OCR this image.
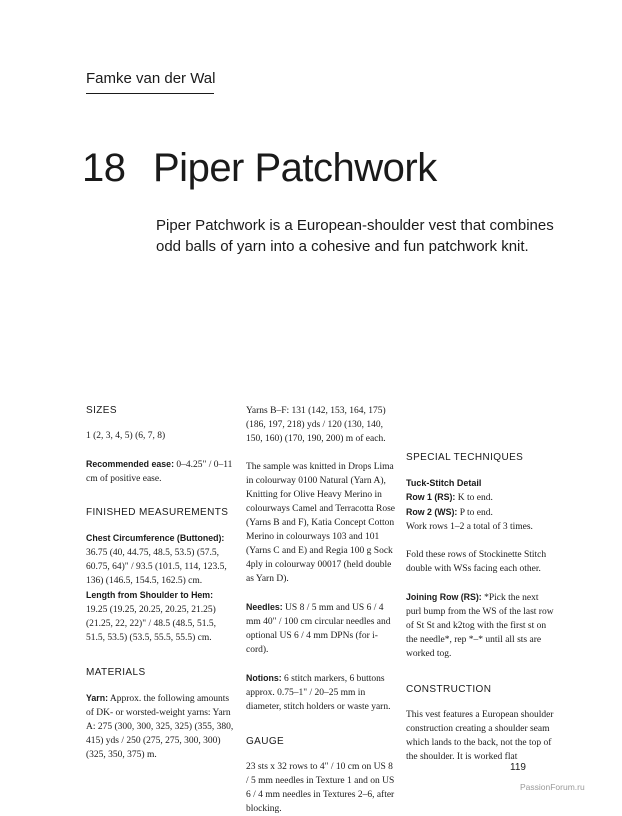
Famke van der Wal
18 Piper Patchwork
Piper Patchwork is a European-shoulder vest that combines odd balls of yarn into a cohesive and fun patchwork knit.
SIZES

1 (2, 3, 4, 5) (6, 7, 8)

Recommended ease: 0–4.25" / 0–11 cm of positive ease.

FINISHED MEASUREMENTS

Chest Circumference (Buttoned): 36.75 (40, 44.75, 48.5, 53.5) (57.5, 60.75, 64)" / 93.5 (101.5, 114, 123.5, 136) (146.5, 154.5, 162.5) cm.

Length from Shoulder to Hem: 19.25 (19.25, 20.25, 20.25, 21.25) (21.25, 22, 22)" / 48.5 (48.5, 51.5, 51.5, 53.5) (53.5, 55.5, 55.5) cm.

MATERIALS

Yarn: Approx. the following amounts of DK- or worsted-weight yarns: Yarn A: 275 (300, 300, 325, 325) (355, 380, 415) yds / 250 (275, 275, 300, 300) (325, 350, 375) m.

Yarns B–F: 131 (142, 153, 164, 175) (186, 197, 218) yds / 120 (130, 140, 150, 160) (170, 190, 200) m of each.

The sample was knitted in Drops Lima in colourway 0100 Natural (Yarn A), Knitting for Olive Heavy Merino in colourways Camel and Terracotta Rose (Yarns B and F), Katia Concept Cotton Merino in colourways 103 and 101 (Yarns C and E) and Regia 100 g Sock 4ply in colourway 00017 (held double as Yarn D).

Needles: US 8 / 5 mm and US 6 / 4 mm 40" / 100 cm circular needles and optional US 6 / 4 mm DPNs (for i-cord).

Notions: 6 stitch markers, 6 buttons approx. 0.75–1" / 20–25 mm in diameter, stitch holders or waste yarn.

GAUGE

23 sts x 32 rows to 4" / 10 cm on US 8 / 5 mm needles in Texture 1 and on US 6 / 4 mm needles in Textures 2–6, after blocking.

SPECIAL TECHNIQUES
Tuck-Stitch Detail

Row 1 (RS): K to end.

Row 2 (WS): P to end.

Work rows 1–2 a total of 3 times.

Fold these rows of Stockinette Stitch double with WSs facing each other.

Joining Row (RS): *Pick the next purl bump from the WS of the last row of St St and k2tog with the first st on the needle*, rep *–* until all sts are worked tog.

CONSTRUCTION

This vest features a European shoulder construction creating a shoulder seam which lands to the back, not the top of the shoulder. It is worked flat

119
PassionForum.ru
